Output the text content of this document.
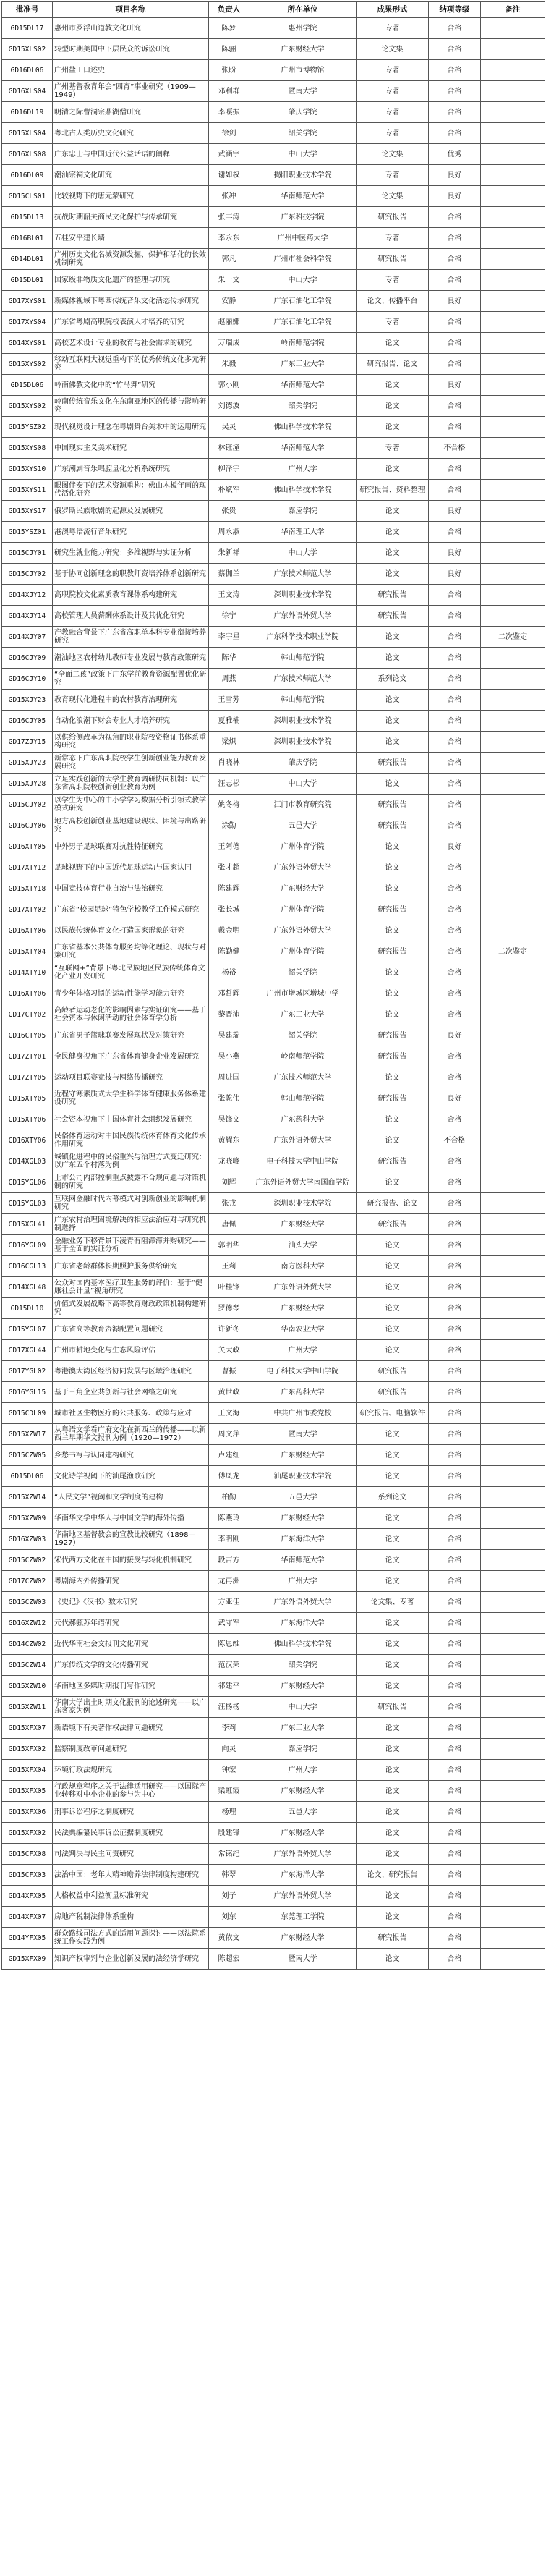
批准号	项目名称	负责人	所在单位	成果形式	结项等级	备注
GD15DL17	惠州市罗浮山道教文化研究	陈梦	惠州学院	专著	合格	
GD15XLS02	转型时期美国中下层民众的诉讼研究	陈骊	广东财经大学	论文集	合格	
GD16DL06	广州盐工口述史	张盼	广州市博物馆	专著	合格	
GD16XLS04	广州基督教青年会“四育”事业研究（1909—1949）	邓利群	暨南大学	专著	合格	
GD16DL19	明清之际曹洞宗鼎湖僧研究	李嘎振	肇庆学院	专著	合格	
GD15XLS04	粤北古人类历史文化研究	徐剑	韶关学院	专著	合格	
GD16XLS08	广东忠士与中国近代公益话语的阐释	武涵宇	中山大学	论文集	优秀	
GD16DL09	潮汕宗祠文化研究	谢如权	揭阳职业技术学院	专著	良好	
GD15CLS01	比较视野下的唐元蒙研究	张冲	华南师范大学	论文集	良好	
GD15DL13	抗战时期韶关商民文化保护与传承研究	张丰涛	广东科技学院	研究报告	合格	
GD16BL01	五桂安平建长墙	李永东	广州中医药大学	专著	合格	
GD14DL01	广州历史文化名城资源发掘、保护和活化的长效机制研究	郭凡	广州市社会科学院	研究报告	合格	
GD15DL01	国家级非物质文化遗产的整理与研究	朱一文	中山大学	专著	合格	
GD17XYS01	新媒体视域下粤西传统音乐文化活态传承研究	安静	广东石油化工学院	论文、传播平台	良好	
GD17XYS04	广东省粤剧高职院校表演人才培养的研究	赵丽娜	广东石油化工学院	专著	合格	
GD14XYS01	高校艺术设计专业的教育与社会需求的研究	万瑞成	岭南师范学院	论文	合格	
GD15XYS02	移动互联网大视觉重构下的优秀传统文化多元研究	朱毅	广东工业大学	研究报告、论文	合格	
GD15DL06	岭南佛教文化中的“竹马舞”研究	郭小刚	华南师范大学	论文	良好	
GD15XYS02	岭南传统音乐文化在东南亚地区的传播与影响研究	刘德波	韶关学院	论文	合格	
GD15YSZ02	现代视觉设计理念在粤剧舞台美术中的运用研究	吴灵	佛山科学技术学院	论文	合格	
GD15XYS08	中国现实主义美术研究	林钰潼	华南师范大学	专著	不合格	
GD15XYS10	广东潮剧音乐唱腔量化分析系统研究	柳泽宇	广州大学	论文	合格	
GD15XYS11	眼图伴奏下的艺术资源重构：佛山木板年画的现代活化研究	朴斌军	佛山科学技术学院	研究报告、资料整理	合格	
GD15XYS17	俄罗斯民族歌剧的起源及发展研究	张贵	嘉应学院	论文	良好	
GD15YSZ01	港澳粤语流行音乐研究	周永淑	华南理工大学	论文	合格	
GD15CJY01	研究生就业能力研究：多维视野与实证分析	朱新祥	中山大学	论文	良好	
GD15CJY02	基于协同创新理念的职教师资培养体系创新研究	蔡伽兰	广东技术师范大学	论文	良好	
GD14XJY12	高职院校文化素质教育课体系构建研究	王文涛	深圳职业技术学院	研究报告	合格	
GD14XJY14	高校管理人员薪酬体系设计及其优化研究	徐宁	广东外语外贸大学	研究报告	合格	
GD14XJY07	产教融合背景下广东省高职单本科专业衔接培养研究	李宇星	广东科学技术职业学院	论文	合格	二次鉴定
GD16CJY09	潮汕地区农村幼儿教师专业发展与教育政策研究	陈华	韩山师范学院	论文	合格	
GD16CJY10	“全面二孩”政策下广东学前教育资源配置优化研究	周燕	广东技术师范大学	系列论文	合格	
GD15XJY23	教育现代化进程中的农村教育治理研究	王雪芳	韩山师范学院	论文	合格	
GD16CJY05	自动化浪潮下财会专业人才培养研究	夏雅楠	深圳职业技术学院	论文	合格	
GD17ZJY15	以供给侧改革为视角的职业院校资格证书体系重构研究	梁炽	深圳职业技术学院	论文	合格	
GD15XJY23	新常态下广东高职院校学生创新创业能力教育发展研究	肖晓林	肇庆学院	研究报告	合格	
GD15XJY28	立足实践创新的大学生教育调研协同机制：以广东省高职院校创新创业教育为例	汪志松	中山大学	论文	合格	
GD15CJY02	以学生为中心的中小学学习数据分析引领式教学模式研究	姚冬梅	江门市教育研究院	研究报告	合格	
GD16CJY06	地方高校创新创业基地建设现状、困境与出路研究	涂勤	五邑大学	研究报告	合格	
GD16XTY05	中外男子足球联赛对抗性特征研究	王阿德	广州体育学院	论文	良好	
GD17XTY12	足球视野下的中国近代足球运动与国家认同	张才超	广东外语外贸大学	论文	合格	
GD15XTY18	中国竞技体育行业自治与法治研究	陈建辉	广东财经大学	论文	合格	
GD17XTY02	广东省“校园足球”特色学校教学工作模式研究	张长城	广州体育学院	研究报告	合格	
GD16XTY06	以民族传统体育文化打造国家形象的研究	戴金明	广东外语外贸大学	论文	合格	
GD15XTY04	广东省基本公共体育服务均等化理论、现状与对策研究	陈勤健	广州体育学院	研究报告	合格	二次鉴定
GD14XTY10	“互联网+”背景下粤北民族地区民族传统体育文化产业开发研究	杨裕	韶关学院	论文	合格	
GD16XTY06	青少年体格习惯的运动性能学习能力研究	邓哲辉	广州市增城区增城中学	论文	合格	
GD17CTY02	高龄者运动老化的影响因素与实证研究——基于社会资本与休闲活动的社会体育学分析	黎晋沛	广东工业大学	论文	合格	
GD16CTY05	广东省男子篮球联赛发展现状及对策研究	吴建瑞	韶关学院	研究报告	良好	
GD17ZTY01	全民健身视角下广东省体育健身企业发展研究	吴小燕	岭南师范学院	研究报告	合格	
GD17ZTY05	运动项目联赛竞技与网络传播研究	周进国	广东技术师范大学	论文	合格	
GD15XTY05	近程守寒素质式大学生科学体育健康服务体系建设研究	张乾伟	韩山师范学院	研究报告	良好	
GD15XTY06	社会资本视角下中国体育社会组织发展研究	吴锋文	广东药科大学	论文	合格	
GD16XTY06	民俗体育运动对中国民族传统体育体育文化传承作用研究	黄耀东	广东外语外贸大学	论文	不合格	
GD14XGL03	城镇化进程中的民俗重兴与治理方式变迁研究：以广东五个村落为例	龙晓峰	电子科技大学中山学院	研究报告	合格	
GD15YGL06	上市公司内部控制重点披露不合规问题与对策机制的研究	刘辉	广东外语外贸大学南国商学院	论文	合格	
GD15YGL03	互联网金融时代内幕模式对创新创业的影响机制研究	张戎	深圳职业技术学院	研究报告、论文	合格	
GD15XGL41	广东农村治理困境解决的相应法治应对与研究机制选择	唐佩	广东财经大学	研究报告	合格	
GD16YGL09	金融业务下移背景下凌青有阻滞滞并购研究——基于全面的实证分析	郭明华	汕头大学	论文	合格	
GD16CGL13	广东省老龄群体长期照护服务供给研究	王莉	南方医科大学	论文	合格	
GD14XGL48	公众对国内基本医疗卫生服务的评价：基于“健康社会计量”视角研究	叶桂锋	广东外语外贸大学	论文	合格	
GD15DL10	价值式发展战略下高等教育财政政策机制构建研究	罗德琴	广东财经大学	论文	合格	
GD15YGL07	广东省高等教育资源配置问题研究	许新冬	华南农业大学	论文	合格	
GD17XGL44	广州市耕地变化与生态风险评估	关大政	广州大学	论文	合格	
GD17YGL02	粤港澳大湾区经济协同发展与区域治理研究	曹振	电子科技大学中山学院	研究报告	合格	
GD16YGL15	基于三角企业共创新与社会网络之研究	黄世政	广东药科大学	研究报告	合格	
GD15CDL09	城市社区生物医疗的公共服务、政策与应对	王文海	中共广州市委党校	研究报告、电脑软件	合格	
GD15XZW17	从粤语文学看广府文化在新西兰的传播——以新西兰早期华文报刊为例（1920—1972）	周文萍	暨南大学	论文	合格	
GD15CZW05	乡愁书写与认同建构研究	卢建红	广东财经大学	论文	合格	
GD15DL06	文化诗学视阈下的汕尾渔歌研究	傅凤龙	汕尾职业技术学院	论文	合格	
GD15XZW14	“人民文学”视阈和文学制度的建构	柏勤	五邑大学	系列论文	合格	
GD15XZW09	华南华文学中华人与中国文学的海外传播	陈燕玲	广东财经大学	论文	合格	
GD16XZW03	华南地区基督教会的宣教比较研究（1898—1927）	李明刚	广东海洋大学	论文	合格	
GD15CZW02	宋代西方文化在中国的接受与转化机制研究	段吉方	华南师范大学	论文	合格	
GD17CZW02	粤剧海内外传播研究	龙再洲	广州大学	论文	合格	
GD15CZW03	《史记》《汉书》数术研究	方亚佳	广东外语外贸大学	论文集、专著	合格	
GD16XZW12	元代郝毓苏年谱研究	武守军	广东海洋大学	论文	合格	
GD14CZW02	近代华南社会文报刊文化研究	陈恩维	佛山科学技术学院	论文	合格	
GD15CZW14	广东传统文学的文化传播研究	范汉荣	韶关学院	论文	合格	
GD15XZW10	华南地区多媒时期报刊写作研究	祁建平	广东财经大学	论文	合格	
GD15XZW11	华南大学出土时期文化报刊的论述研究——以广东客家为例	汪杨杨	中山大学	研究报告	合格	
GD15XFX07	新语境下有关著作权法律问题研究	李莉	广东工业大学	论文	合格	
GD15XFX02	监察制度改革问题研究	向灵	嘉应学院	论文	合格	
GD15XFX04	环境行政法规研究	钟宏	广州大学	论文	合格	
GD15XFX05	行政规章程序之关于法律适用研究——以国际产业转移对中小企业的参与为中心	梁虹霞	广东财经大学	论文	合格	
GD15XFX06	刑事诉讼程序之制度研究	杨理	五邑大学	论文	合格	
GD15XFX02	民法典编纂民事诉讼证据制度研究	殷建锋	广东财经大学	论文	合格	
GD15CFX08	司法判决与民主问责研究	常铭纪	广东外语外贸大学	论文	合格	
GD15CFX03	法治中国：老年人精神赡养法律制度构建研究	韩翠	广东海洋大学	论文、研究报告	合格	
GD14XFX05	人格权益中利益衡量标准研究	刘子	广东外语外贸大学	论文	合格	
GD14XFX07	房地产税制法律体系重构	刘东	东莞理工学院	论文	合格	
GD14YFX05	群众路线司法方式的适用问题探讨——以法院系统工作实践为例	黄依文	广东财经大学	研究报告	合格	
GD15XFX09	知识产权审判与企业创新发展的法经济学研究	陈超宏	暨南大学	论文	合格	
